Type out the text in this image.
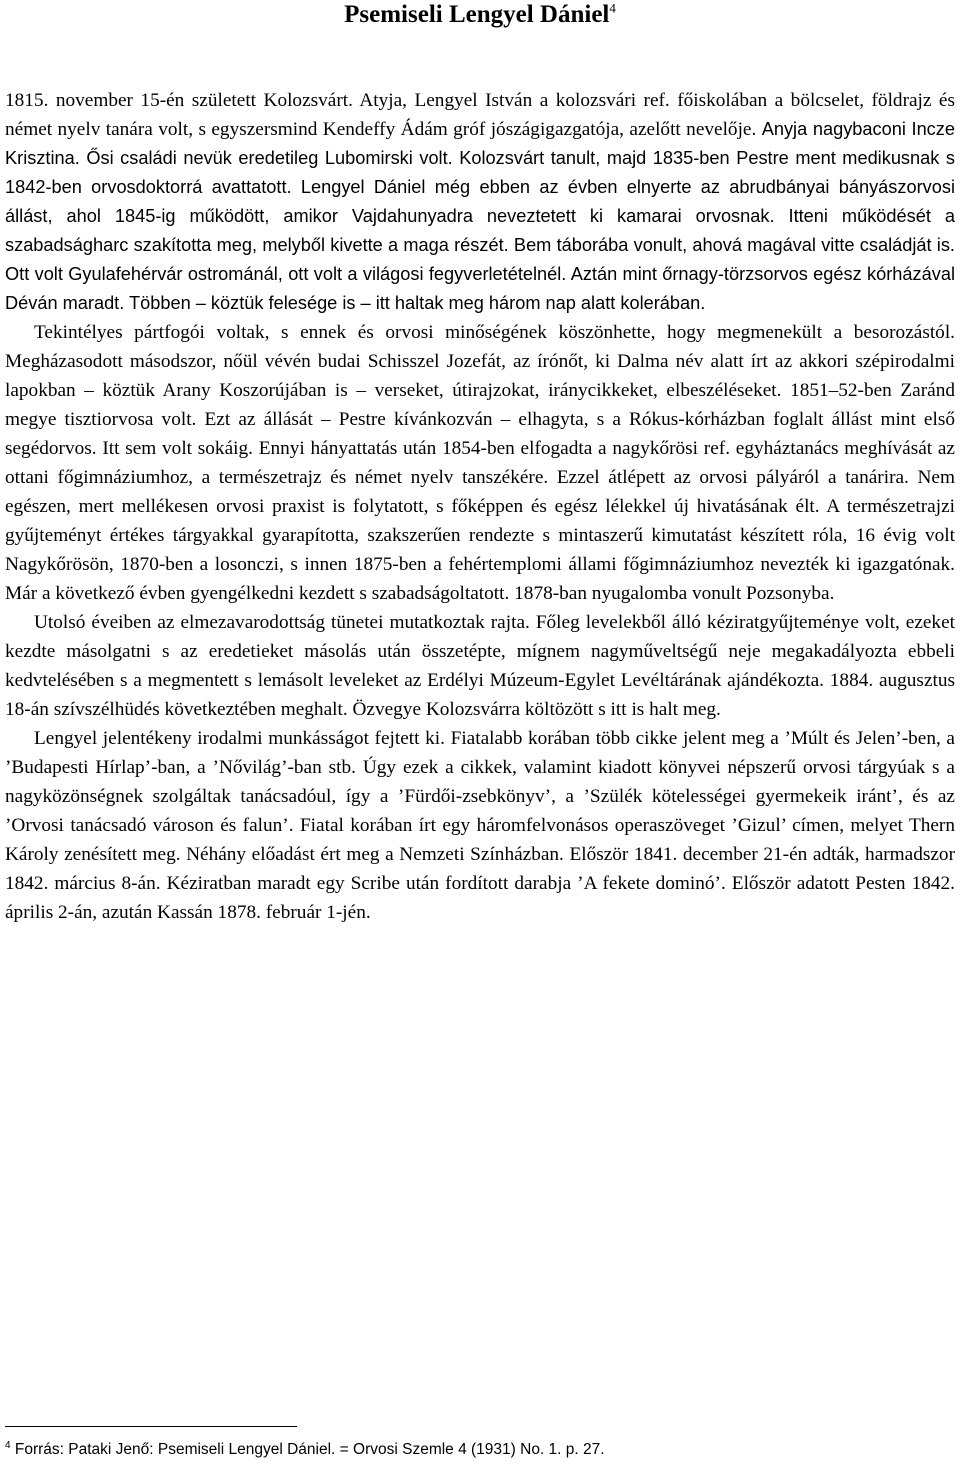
Psemiseli Lengyel Dániel$^4$

1815. november 15-én született Kolozsvárt. Atyja, Lengyel István a kolozsvári ref. főiskolában a bölcselet, földrajz és német nyelv tanára volt, s egyszersmind Kendeffy Ádám gróf jószágigazgatója, azelőtt nevelője. Anyja nagybaconi Incze Krisztina. Ősi családi nevük eredetileg Lubomirski volt. Kolozsvárt tanult, majd 1835-ben Pestre ment medikusnak s 1842-ben orvosdoktorrá avattatott. Lengyel Dániel még ebben az évben elnyerte az abrudbányai bányászorvosi állást, ahol 1845-ig működött, amikor Vajdahunyadra neveztetett ki kamarai orvosnak. Itteni működését a szabadságharc szakította meg, melyből kivette a maga részét. Bem táborába vonult, ahová magával vitte családját is. Ott volt Gyulafehérvár ostrománál, ott volt a világosi fegyverletételnél. Aztán mint őrnagy-törzsorvos egész kórházával Déván maradt. Többen – köztük felesége is – itt haltak meg három nap alatt kolerában.

Tekintélyes pártfogói voltak, s ennek és orvosi minőségének köszönhette, hogy megmenekült a besorozástól. Megházasodott másodszor, nőül vévén budai Schisszel Jozefát, az írónőt, ki Dalma név alatt írt az akkori szépirodalmi lapokban – köztük Arany Koszorújában is – verseket, útirajzokat, iránycikkeket, elbeszéléseket. 1851–52-ben Zaránd megye tisztiorvosa volt. Ezt az állását – Pestre kívánkozván – elhagyta, s a Rókus-kórházban foglalt állást mint első segédorvos. Itt sem volt sokáig. Ennyi hányattatás után 1854-ben elfogadta a nagykőrösi ref. egyháztanács meghívását az ottani főgimnáziumhoz, a természetrajz és német nyelv tanszékére. Ezzel átlépett az orvosi pályáról a tanárira. Nem egészen, mert mellékesen orvosi praxist is folytatott, s főképpen és egész lélekkel új hivatásának élt. A természetrajzi gyűjteményt értékes tárgyakkal gyarapította, szakszerűen rendezte s mintaszerű kimutatást készített róla, 16 évig volt Nagykőrösön, 1870-ben a losonczi, s innen 1875-ben a fehértemplomi állami főgimnáziumhoz nevezték ki igazgatónak. Már a következő évben gyengélkedni kezdett s szabadságoltatott. 1878-ban nyugalomba vonult Pozsonyba.

Utolsó éveiben az elmezavarodottság tünetei mutatkoztak rajta. Főleg levelekből álló kéziratgyűjteménye volt, ezeket kezdte másolgatni s az eredetieket másolás után összetépte, mígnem nagyműveltségű neje megakadályozta ebbeli kedvtelésében s a megmentett s lemásolt leveleket az Erdélyi Múzeum-Egylet Levéltárának ajándékozta. 1884. augusztus 18-án szívszélhüdés következtében meghalt. Özvegye Kolozsvárra költözött s itt is halt meg.

Lengyel jelentékeny irodalmi munkásságot fejtett ki. Fiatalabb korában több cikke jelent meg a ’Múlt és Jelen’-ben, a ’Budapesti Hírlap’-ban, a ’Nővilág’-ban stb. Úgy ezek a cikkek, valamint kiadott könyvei népszerű orvosi tárgyúak s a nagyközönségnek szolgáltak tanácsadóul, így a ’Fürdői-zsebkönyv’, a ’Szülék kötelességei gyermekeik iránt’, és az ’Orvosi tanácsadó városon és falun’. Fiatal korában írt egy háromfelvonásos operaszöveget ’Gizul’ címen, melyet Thern Károly zenésített meg. Néhány előadást ért meg a Nemzeti Színházban. Először 1841. december 21-én adták, harmadszor 1842. március 8-án. Kéziratban maradt egy Scribe után fordított darabja ’A fekete dominó’. Először adatott Pesten 1842. április 2-án, azután Kassán 1878. február 1-jén.

$^4$ Forrás: Pataki Jenő: Psemiseli Lengyel Dániel. = Orvosi Szemle 4 (1931) No. 1. p. 27.
